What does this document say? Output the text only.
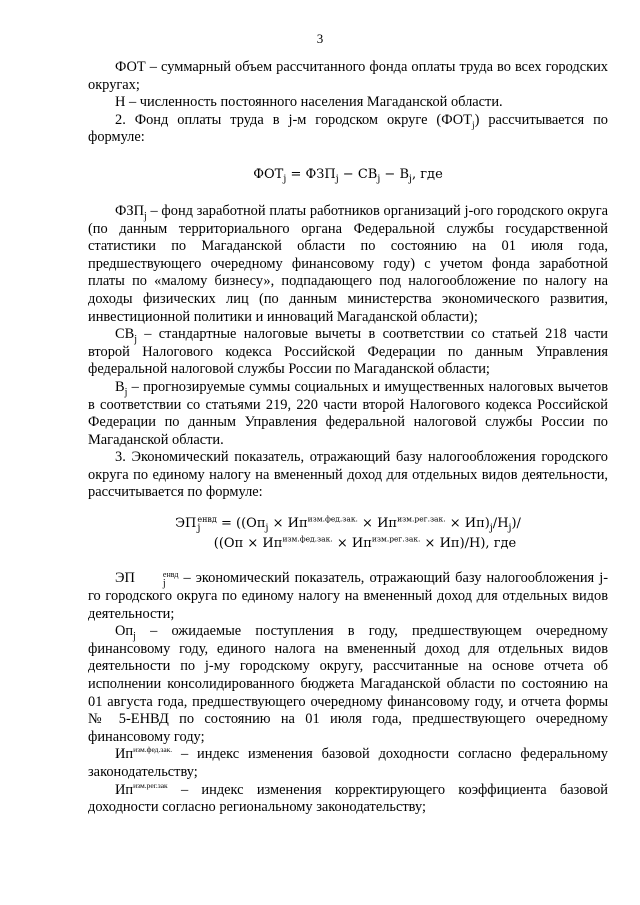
3

ФОТ – суммарный объем рассчитанного фонда оплаты труда во всех городских округах;

Н – численность постоянного населения Магаданской области.

2. Фонд оплаты труда в j-м городском округе $(ФОТ_j)$ рассчитывается по формуле:

$ФОТ_j = ФЗП_j - СВ_j - В_j$, где

$ФЗП_j$ – фонд заработной платы работников организаций j-ого городского округа (по данным территориального органа Федеральной службы государственной статистики по Магаданской области по состоянию на 01 июля года, предшествующего очередному финансовому году) с учетом фонда заработной платы по «малому бизнесу», подпадающего под налогообложение по налогу на доходы физических лиц (по данным министерства экономического развития, инвестиционной политики и инноваций Магаданской области);

$СВ_j$ – стандартные налоговые вычеты в соответствии со статьей 218 части второй Налогового кодекса Российской Федерации по данным Управления федеральной налоговой службы России по Магаданской области;

$В_j$ – прогнозируемые суммы социальных и имущественных налоговых вычетов в соответствии со статьями 219, 220 части второй Налогового кодекса Российской Федерации по данным Управления федеральной налоговой службы России по Магаданской области.

3. Экономический показатель, отражающий базу налогообложения городского округа по единому налогу на вмененный доход для отдельных видов деятельности, рассчитывается по формуле:

ЭП енвд
j	= $((Оп_j \times Ип^{изм.фед.зак.} \times Ип^{изм.рег.зак.} \times Ип)_j/Н_j)/$
$((Оп \times Ип^{изм.фед.зак.} \times Ип^{изм.рег.зак.} \times Ип)/Н)$, где

ЭП	енвд
j – экономический показатель, отражающий базу налогообложения j-го городского округа по единому налогу на вмененный доход для отдельных видов деятельности;

$Оп_j$ – ожидаемые поступления в году, предшествующем очередному финансовому году, единого налога на вмененный доход для отдельных видов деятельности по j-му городскому округу, рассчитанные на основе отчета об исполнении консолидированного бюджета Магаданской области по состоянию на 01 августа года, предшествующего очередному финансовому году, и отчета формы № 5-ЕНВД по состоянию на 01 июля года, предшествующего очередному финансовому году;

$Ип^{изм.фед.зак.}$ – индекс изменения базовой доходности согласно федеральному законодательству;

$Ип^{изм.рег.зак}$ – индекс изменения корректирующего коэффициента базовой доходности согласно региональному законодательству;
